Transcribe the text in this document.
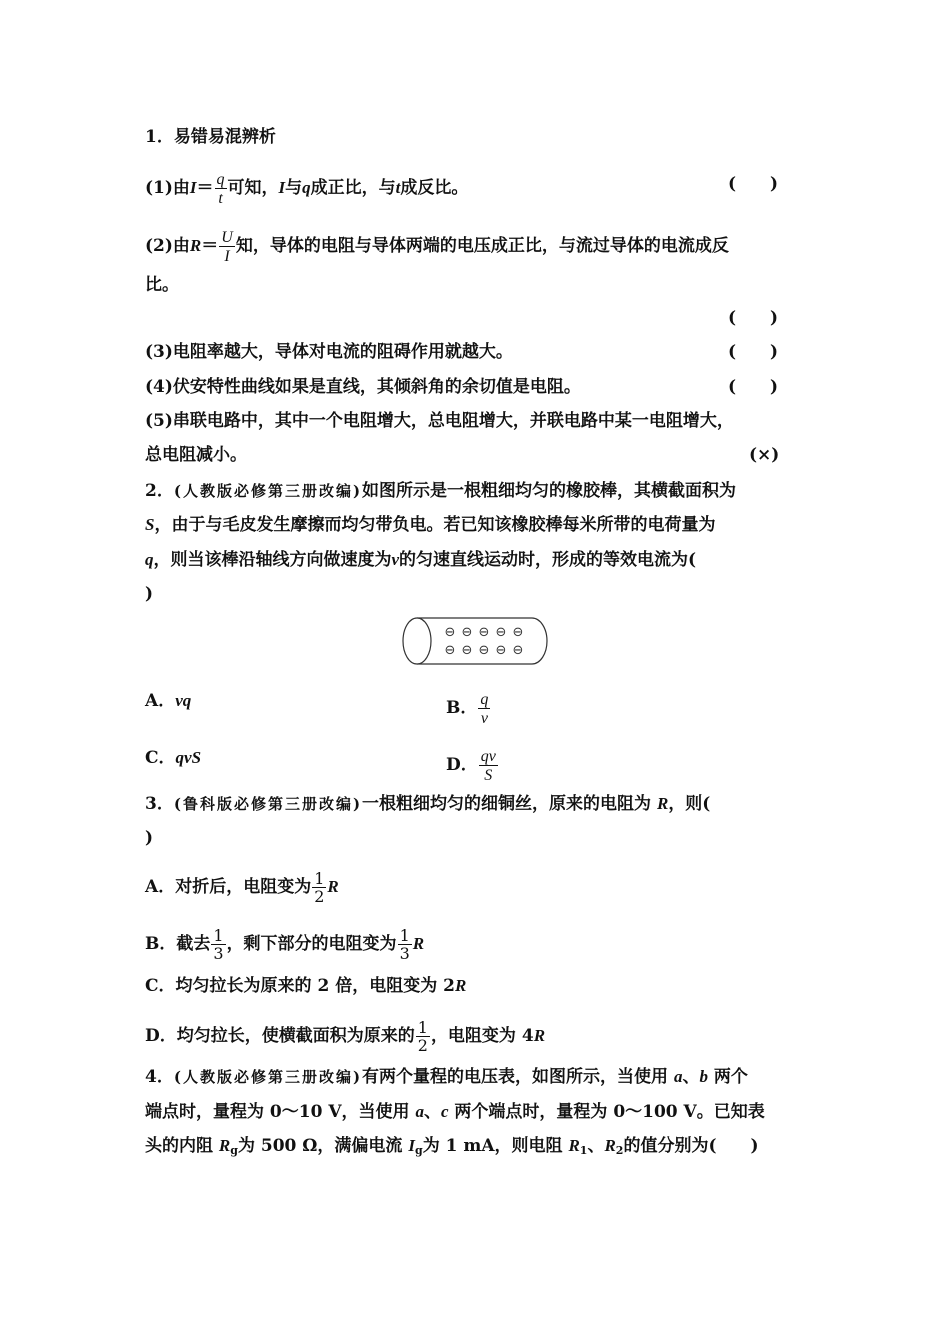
1．易错易混辨析
(1)由$I= \frac{q}{t}$ 可知，I与q成正比，与t成反比。	(　　)
(2)由$R= \frac{U}{I}$ 知，导体的电阻与导体两端的电压成正比，与流过导体的电流成反
比。
(　　)
(3)电阻率越大，导体对电流的阻碍作用就越大。	(　　)
(4)伏安特性曲线如果是直线，其倾斜角的余切值是电阻。	(　　)
(5)串联电路中，其中一个电阻增大，总电阻增大，并联电路中某一电阻增大，
总电阻减小。	(×)
2．(人教版必修第三册改编)如图所示是一根粗细均匀的橡胶棒，其横截面积为
S，由于与毛皮发生摩擦而均匀带负电。若已知该橡胶棒每米所带的电荷量为
q，则当该棒沿轴线方向做速度为v的匀速直线运动时，形成的等效电流为(
)
⊖ ⊖ ⊖ ⊖ ⊖
⊖ ⊖ ⊖ ⊖ ⊖
A．vq	B． $\frac{q}{v}$
C．qvS	D． $\frac{qv}{S}$
3．(鲁科版必修第三册改编)一根粗细均匀的细铜丝，原来的电阻为 R，则(
)
A．对折后，电阻变为 $\frac{1}{2}$ R
B．截去 $\frac{1}{3}$ ，剩下部分的电阻变为 $\frac{1}{3}$ R
C．均匀拉长为原来的 2 倍，电阻变为 2R
D．均匀拉长，使横截面积为原来的 $\frac{1}{2}$ ，电阻变为 4R
4．(人教版必修第三册改编)有两个量程的电压表，如图所示，当使用 a、b 两个
端点时，量程为 0～10 V，当使用 a、c 两个端点时，量程为 0～100 V。已知表
头的内阻 $R_g$为 500 Ω，满偏电流 $I_g$为 1 mA，则电阻 $R_1$、$R_2$的值分别为(　　)
